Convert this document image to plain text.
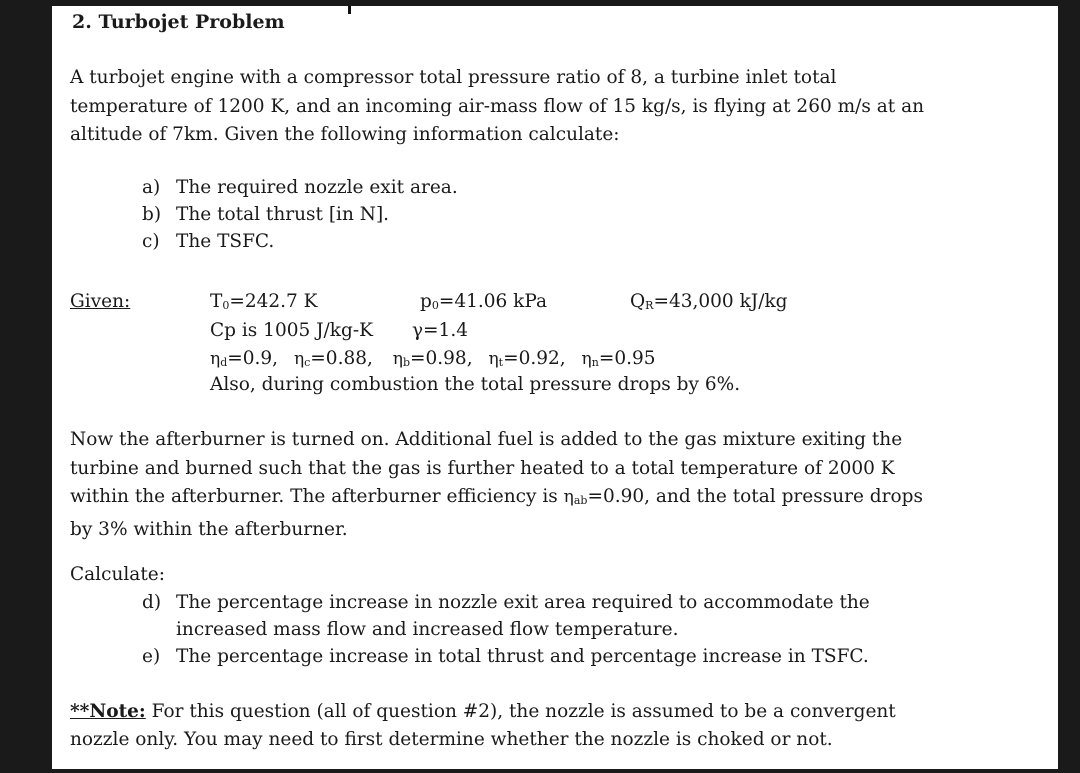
2. Turbojet Problem
A turbojet engine with a compressor total pressure ratio of 8, a turbine inlet total
temperature of 1200 K, and an incoming air-mass flow of 15 kg/s, is flying at 260 m/s at an
altitude of 7km. Given the following information calculate:
a) The required nozzle exit area.
b) The total thrust [in N].
c) The TSFC.
Given:	T0=242.7 K	p0=41.06 kPa	QR=43,000 kJ/kg
Cp is 1005 J/kg-K γ=1.4
ηd=0.9, ηc=0.88, ηb=0.98, ηt=0.92, ηn=0.95
Also, during combustion the total pressure drops by 6%.
Now the afterburner is turned on. Additional fuel is added to the gas mixture exiting the
turbine and burned such that the gas is further heated to a total temperature of 2000 K
within the afterburner. The afterburner efficiency is ηab=0.90, and the total pressure drops
by 3% within the afterburner.
Calculate:
d) The percentage increase in nozzle exit area required to accommodate the
increased mass flow and increased flow temperature.
e) The percentage increase in total thrust and percentage increase in TSFC.
**Note: For this question (all of question #2), the nozzle is assumed to be a convergent
nozzle only. You may need to first determine whether the nozzle is choked or not.
